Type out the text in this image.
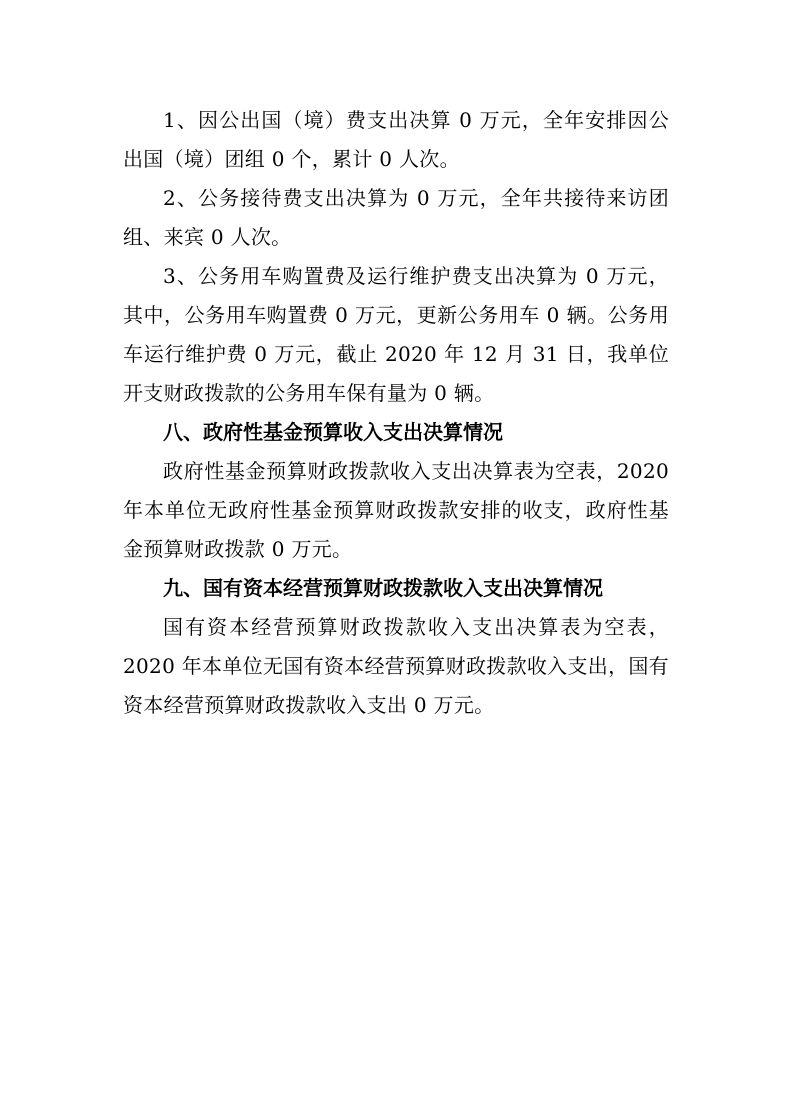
1、因公出国（境）费支出决算 0 万元，全年安排因公出国（境）团组 0 个，累计 0 人次。

2、公务接待费支出决算为 0 万元，全年共接待来访团组、来宾 0 人次。

3、公务用车购置费及运行维护费支出决算为 0 万元，其中，公务用车购置费 0 万元，更新公务用车 0 辆。公务用车运行维护费 0 万元，截止 2020 年 12 月 31 日，我单位开支财政拨款的公务用车保有量为 0 辆。

八、政府性基金预算收入支出决算情况

政府性基金预算财政拨款收入支出决算表为空表，2020 年本单位无政府性基金预算财政拨款安排的收支，政府性基金预算财政拨款 0 万元。

九、国有资本经营预算财政拨款收入支出决算情况

国有资本经营预算财政拨款收入支出决算表为空表，2020 年本单位无国有资本经营预算财政拨款收入支出，国有资本经营预算财政拨款收入支出 0 万元。
